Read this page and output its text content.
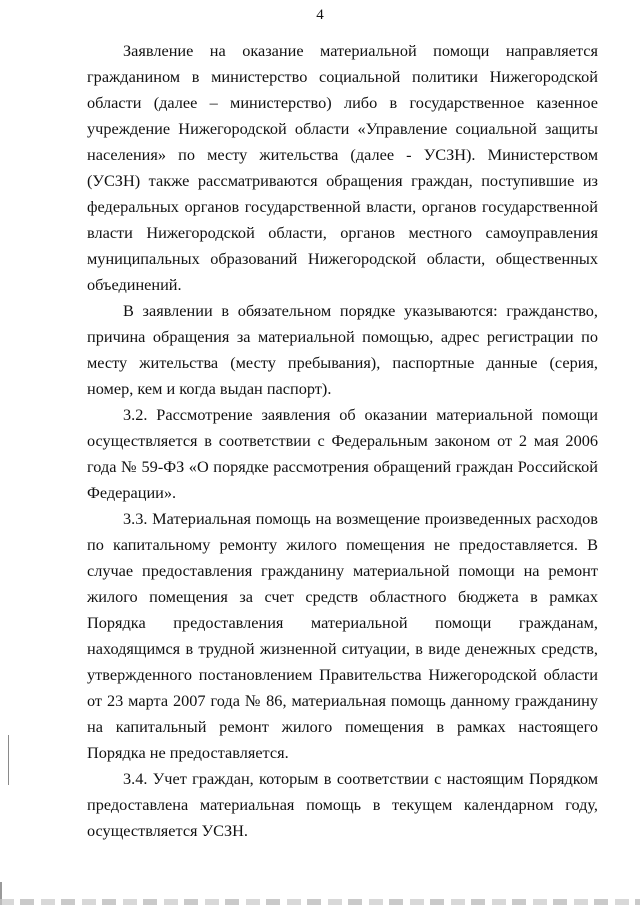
4

Заявление на оказание материальной помощи направляется гражданином в министерство социальной политики Нижегородской области (далее – министерство) либо в государственное казенное учреждение Нижегородской области «Управление социальной защиты населения» по месту жительства (далее - УСЗН). Министерством (УСЗН) также рассматриваются обращения граждан, поступившие из федеральных органов государственной власти, органов государственной власти Нижегородской области, органов местного самоуправления муниципальных образований Нижегородской области, общественных объединений.

В заявлении в обязательном порядке указываются: гражданство, причина обращения за материальной помощью, адрес регистрации по месту жительства (месту пребывания), паспортные данные (серия, номер, кем и когда выдан паспорт).

3.2. Рассмотрение заявления об оказании материальной помощи осуществляется в соответствии с Федеральным законом от 2 мая 2006 года № 59-ФЗ «О порядке рассмотрения обращений граждан Российской Федерации».

3.3. Материальная помощь на возмещение произведенных расходов по капитальному ремонту жилого помещения не предоставляется. В случае предоставления гражданину материальной помощи на ремонт жилого помещения за счет средств областного бюджета в рамках Порядка предоставления материальной помощи гражданам, находящимся в трудной жизненной ситуации, в виде денежных средств, утвержденного постановлением Правительства Нижегородской области от 23 марта 2007 года № 86, материальная помощь данному гражданину на капитальный ремонт жилого помещения в рамках настоящего Порядка не предоставляется.

3.4. Учет граждан, которым в соответствии с настоящим Порядком предоставлена материальная помощь в текущем календарном году, осуществляется УСЗН.
